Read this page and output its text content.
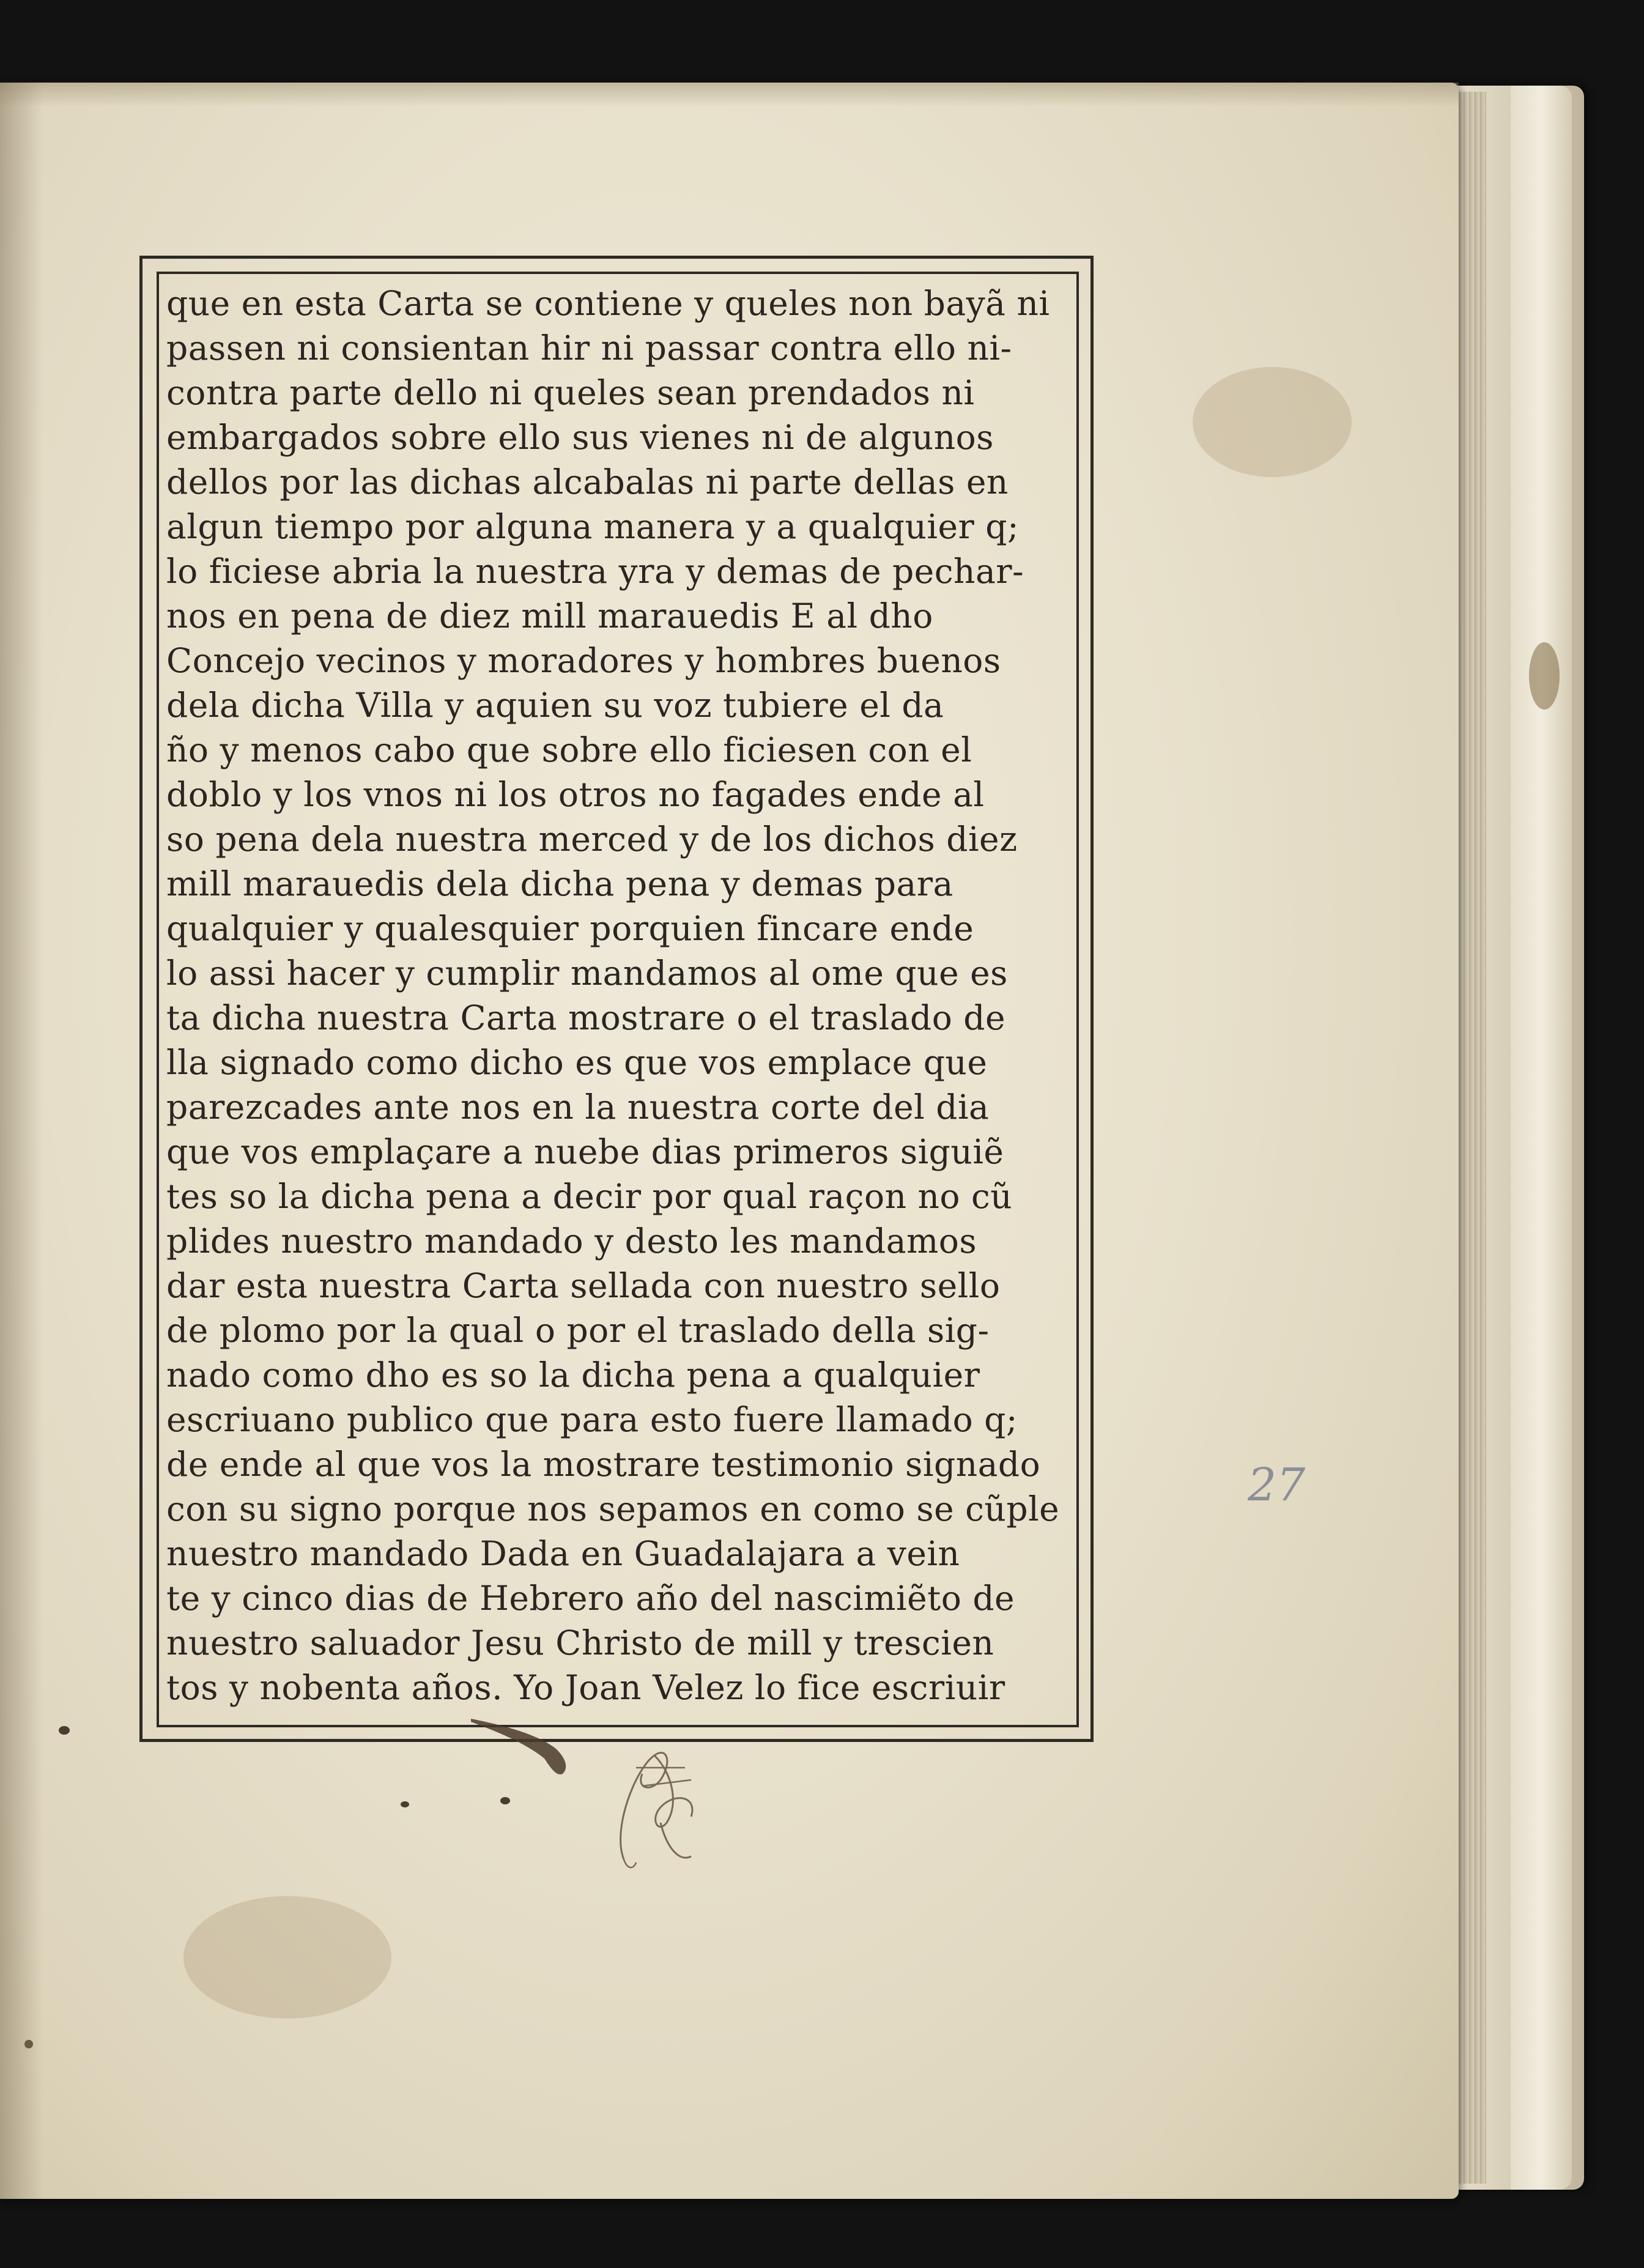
que en esta Carta se contiene y queles non bayã ni
passen ni consientan hir ni passar contra ello ni-
contra parte dello ni queles sean prendados ni
embargados sobre ello sus vienes ni de algunos
dellos por las dichas alcabalas ni parte dellas en
algun tiempo por alguna manera y a qualquier q;
lo ficiese abria la nuestra yra y demas de pechar-
nos en pena de diez mill marauedis E al dho
Concejo vecinos y moradores y hombres buenos
dela dicha Villa y aquien su voz tubiere el da
ño y menos cabo que sobre ello ficiesen con el
doblo y los vnos ni los otros no fagades ende al
so pena dela nuestra merced y de los dichos diez
mill marauedis dela dicha pena y demas para
qualquier y qualesquier porquien fincare ende
lo assi hacer y cumplir mandamos al ome que es
ta dicha nuestra Carta mostrare o el traslado de
lla signado como dicho es que vos emplace que
parezcades ante nos en la nuestra corte del dia
que vos emplaçare a nuebe dias primeros siguiẽ
tes so la dicha pena a decir por qual raçon no cũ
plides nuestro mandado y desto les mandamos
dar esta nuestra Carta sellada con nuestro sello
de plomo por la qual o por el traslado della sig-
nado como dho es so la dicha pena a qualquier
escriuano publico que para esto fuere llamado q;
de ende al que vos la mostrare testimonio signado
con su signo porque nos sepamos en como se cũple
nuestro mandado Dada en Guadalajara a vein
te y cinco dias de Hebrero año del nascimiẽto de
nuestro saluador Jesu Christo de mill y trescien
tos y nobenta años. Yo Joan Velez lo fice escriuir
27
